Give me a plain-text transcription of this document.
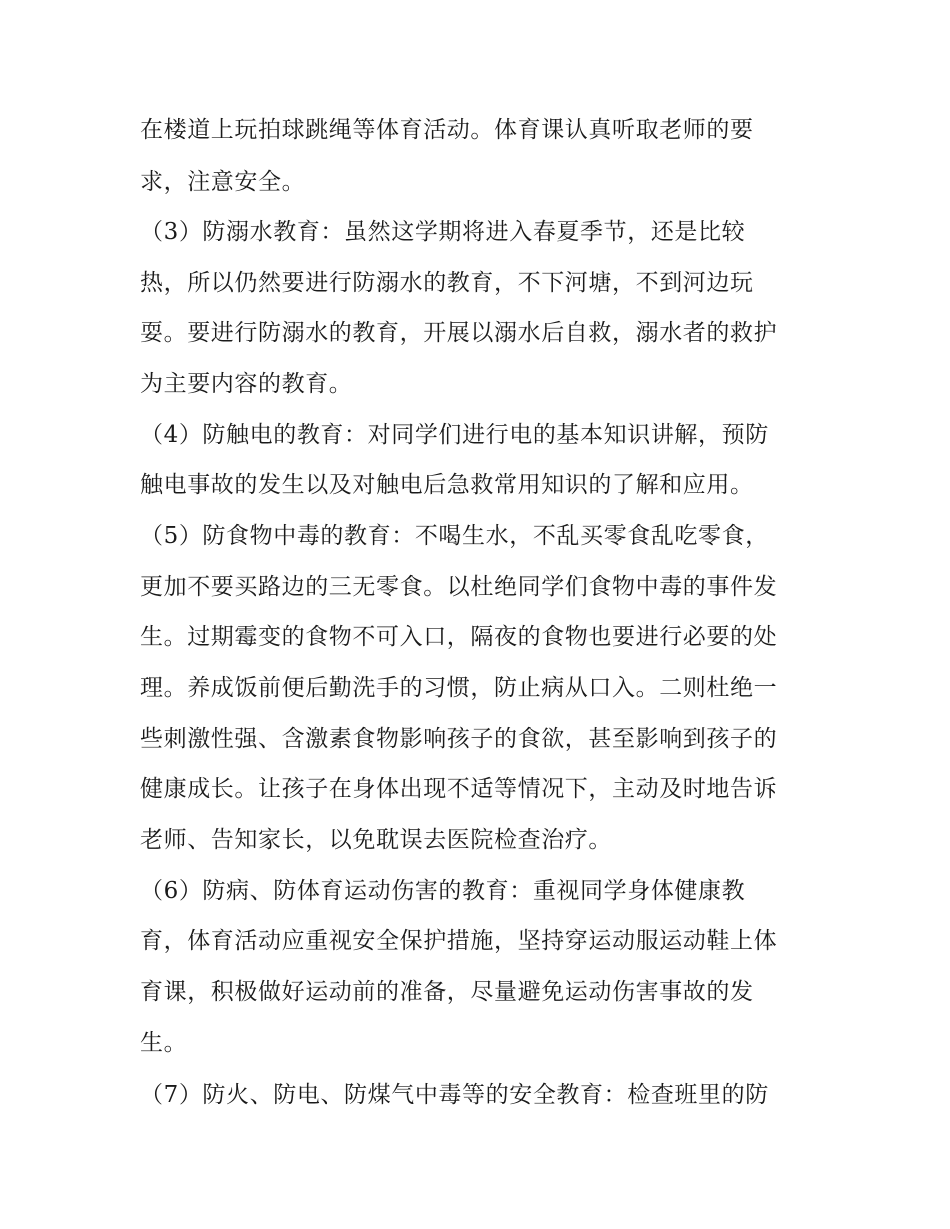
在楼道上玩拍球跳绳等体育活动。体育课认真听取老师的要
求，注意安全。
（3）防溺水教育：虽然这学期将进入春夏季节，还是比较
热，所以仍然要进行防溺水的教育，不下河塘，不到河边玩
耍。要进行防溺水的教育，开展以溺水后自救，溺水者的救护
为主要内容的教育。
（4）防触电的教育：对同学们进行电的基本知识讲解，预防
触电事故的发生以及对触电后急救常用知识的了解和应用。
（5）防食物中毒的教育：不喝生水，不乱买零食乱吃零食，
更加不要买路边的三无零食。以杜绝同学们食物中毒的事件发
生。过期霉变的食物不可入口，隔夜的食物也要进行必要的处
理。养成饭前便后勤洗手的习惯，防止病从口入。二则杜绝一
些刺激性强、含激素食物影响孩子的食欲，甚至影响到孩子的
健康成长。让孩子在身体出现不适等情况下，主动及时地告诉
老师、告知家长，以免耽误去医院检查治疗。
（6）防病、防体育运动伤害的教育：重视同学身体健康教
育，体育活动应重视安全保护措施，坚持穿运动服运动鞋上体
育课，积极做好运动前的准备，尽量避免运动伤害事故的发
生。
（7）防火、防电、防煤气中毒等的安全教育：检查班里的防
